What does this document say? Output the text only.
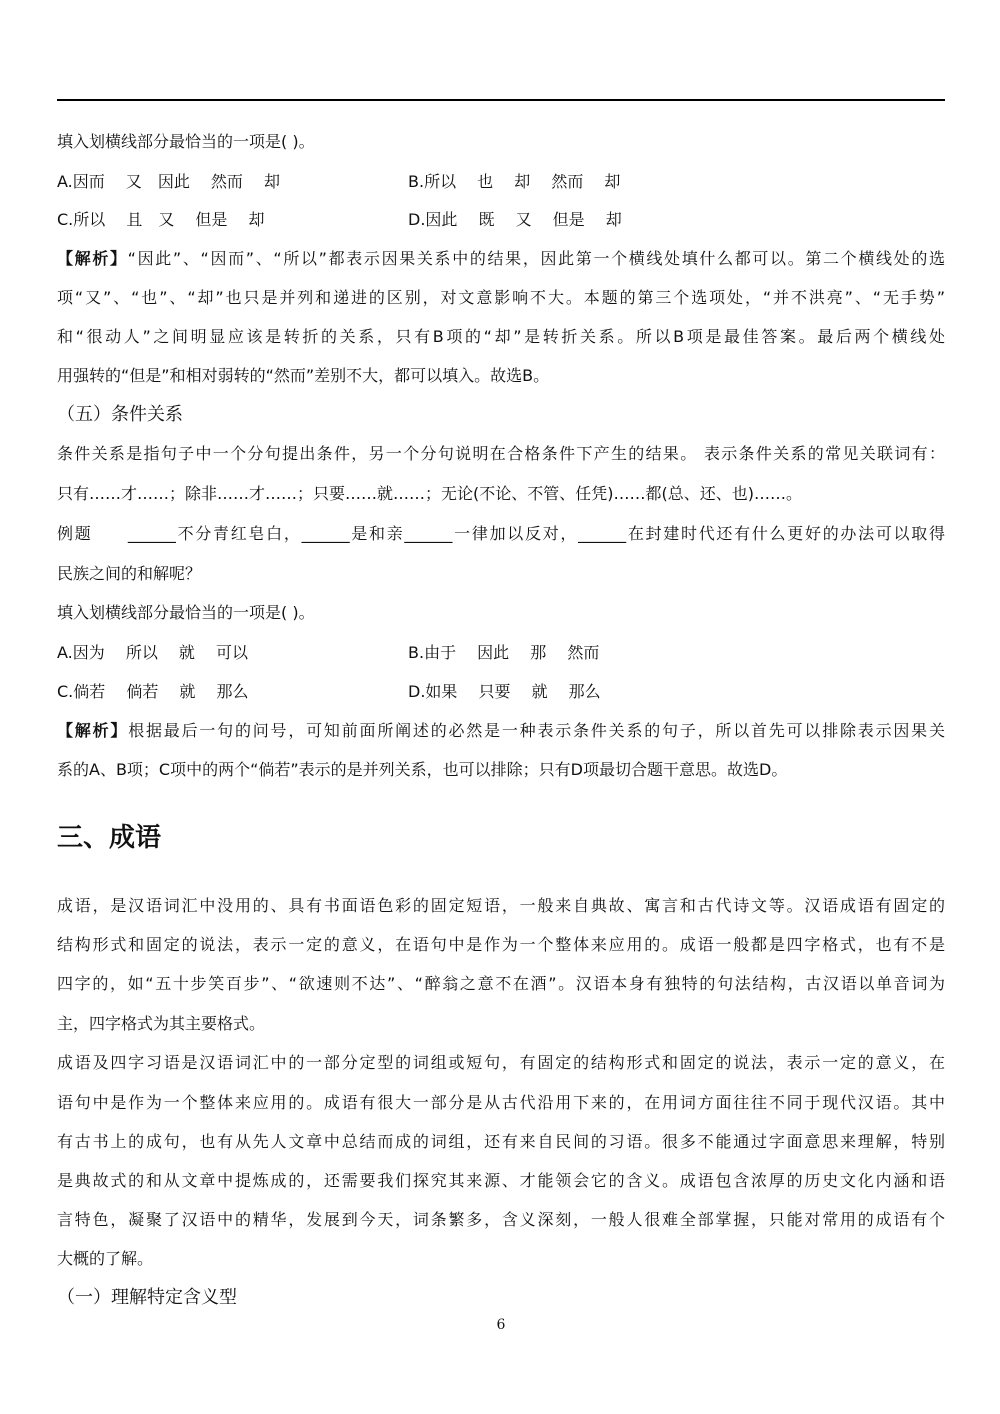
填入划横线部分最恰当的一项是( )。
A.因而　 又　因此　 然而　 却	B.所以　 也　 却　 然而　 却
C.所以　 且　又　 但是　 却	D.因此　 既　 又　 但是　 却
【解析】“因此”、“因而”、“所以”都表示因果关系中的结果，因此第一个横线处填什么都可以。第二个横线处的选
项“又”、“也”、“却”也只是并列和递进的区别，对文意影响不大。本题的第三个选项处，“并不洪亮”、“无手势”
和“很动人”之间明显应该是转折的关系，只有B项的“却”是转折关系。所以B项是最佳答案。最后两个横线处
用强转的“但是”和相对弱转的“然而”差别不大，都可以填入。故选B。
（五）条件关系
条件关系是指句子中一个分句提出条件，另一个分句说明在合格条件下产生的结果。 表示条件关系的常见关联词有：
只有……才……；除非……才……；只要……就……；无论(不论、不管、任凭)……都(总、还、也)……。
例题　　______不分青红皂白，______是和亲______一律加以反对，______在封建时代还有什么更好的办法可以取得
民族之间的和解呢？
填入划横线部分最恰当的一项是( )。
A.因为　 所以　 就　 可以	B.由于　 因此　 那　 然而
C.倘若　 倘若　 就　 那么	D.如果　 只要　 就　 那么
【解析】根据最后一句的问号，可知前面所阐述的必然是一种表示条件关系的句子，所以首先可以排除表示因果关
系的A、B项；C项中的两个“倘若”表示的是并列关系，也可以排除；只有D项最切合题干意思。故选D。
三、成语
成语，是汉语词汇中没用的、具有书面语色彩的固定短语，一般来自典故、寓言和古代诗文等。汉语成语有固定的
结构形式和固定的说法，表示一定的意义，在语句中是作为一个整体来应用的。成语一般都是四字格式，也有不是
四字的，如“五十步笑百步”、“欲速则不达”、“醉翁之意不在酒”。汉语本身有独特的句法结构，古汉语以单音词为
主，四字格式为其主要格式。
成语及四字习语是汉语词汇中的一部分定型的词组或短句，有固定的结构形式和固定的说法，表示一定的意义，在
语句中是作为一个整体来应用的。成语有很大一部分是从古代沿用下来的，在用词方面往往不同于现代汉语。其中
有古书上的成句，也有从先人文章中总结而成的词组，还有来自民间的习语。很多不能通过字面意思来理解，特别
是典故式的和从文章中提炼成的，还需要我们探究其来源、才能领会它的含义。成语包含浓厚的历史文化内涵和语
言特色，凝聚了汉语中的精华，发展到今天，词条繁多，含义深刻，一般人很难全部掌握，只能对常用的成语有个
大概的了解。
（一）理解特定含义型
6
